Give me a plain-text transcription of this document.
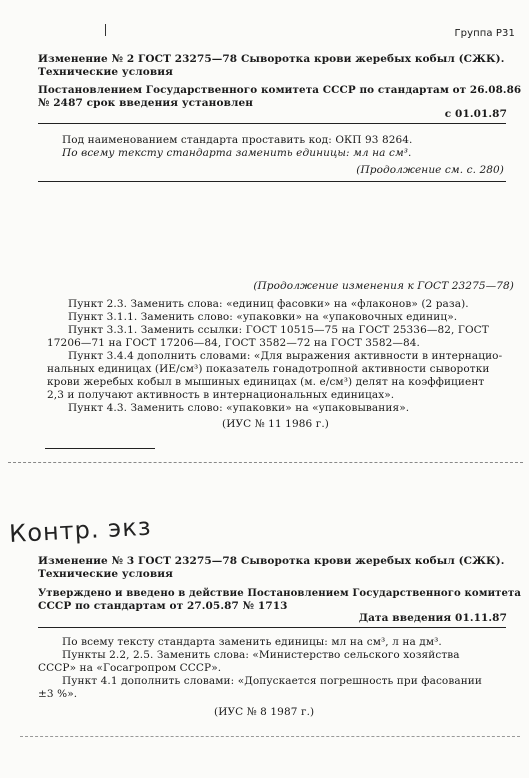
Группа Р31
Изменение № 2 ГОСТ 23275—78 Сыворотка крови жеребых кобыл (СЖК).
Технические условия
Постановлением Государственного комитета СССР по стандартам от 26.08.86
№ 2487 срок введения установлен
с 01.01.87
Под наименованием стандарта проставить код: ОКП 93 8264.
По всему тексту стандарта заменить единицы: мл на см³.
(Продолжение см. с. 280)
(Продолжение изменения к ГОСТ 23275—78)
Пункт 2.3. Заменить слова: «единиц фасовки» на «флаконов» (2 раза).
Пункт 3.1.1. Заменить слово: «упаковки» на «упаковочных единиц».
Пункт 3.3.1. Заменить ссылки: ГОСТ 10515—75 на ГОСТ 25336—82, ГОСТ
17206—71 на ГОСТ 17206—84, ГОСТ 3582—72 на ГОСТ 3582—84.
Пункт 3.4.4 дополнить словами: «Для выражения активности в интернацио-
нальных единицах (ИЕ/см³) показатель гонадотропной активности сыворотки
крови жеребых кобыл в мышиных единицах (м. е/см³) делят на коэффициент
2,3 и получают активность в интернациональных единицах».
Пункт 4.3. Заменить слово: «упаковки» на «упаковывания».
(ИУС № 11 1986 г.)
Контр. экз
Изменение № 3 ГОСТ 23275—78 Сыворотка крови жеребых кобыл (СЖК).
Технические условия
Утверждено и введено в действие Постановлением Государственного комитета
СССР по стандартам от 27.05.87 № 1713
Дата введения 01.11.87
По всему тексту стандарта заменить единицы: мл на см³, л на дм³.
Пункты 2.2, 2.5. Заменить слова: «Министерство сельского хозяйства
СССР» на «Госагропром СССР».
Пункт 4.1 дополнить словами: «Допускается погрешность при фасовании
±3 %».
(ИУС № 8 1987 г.)
